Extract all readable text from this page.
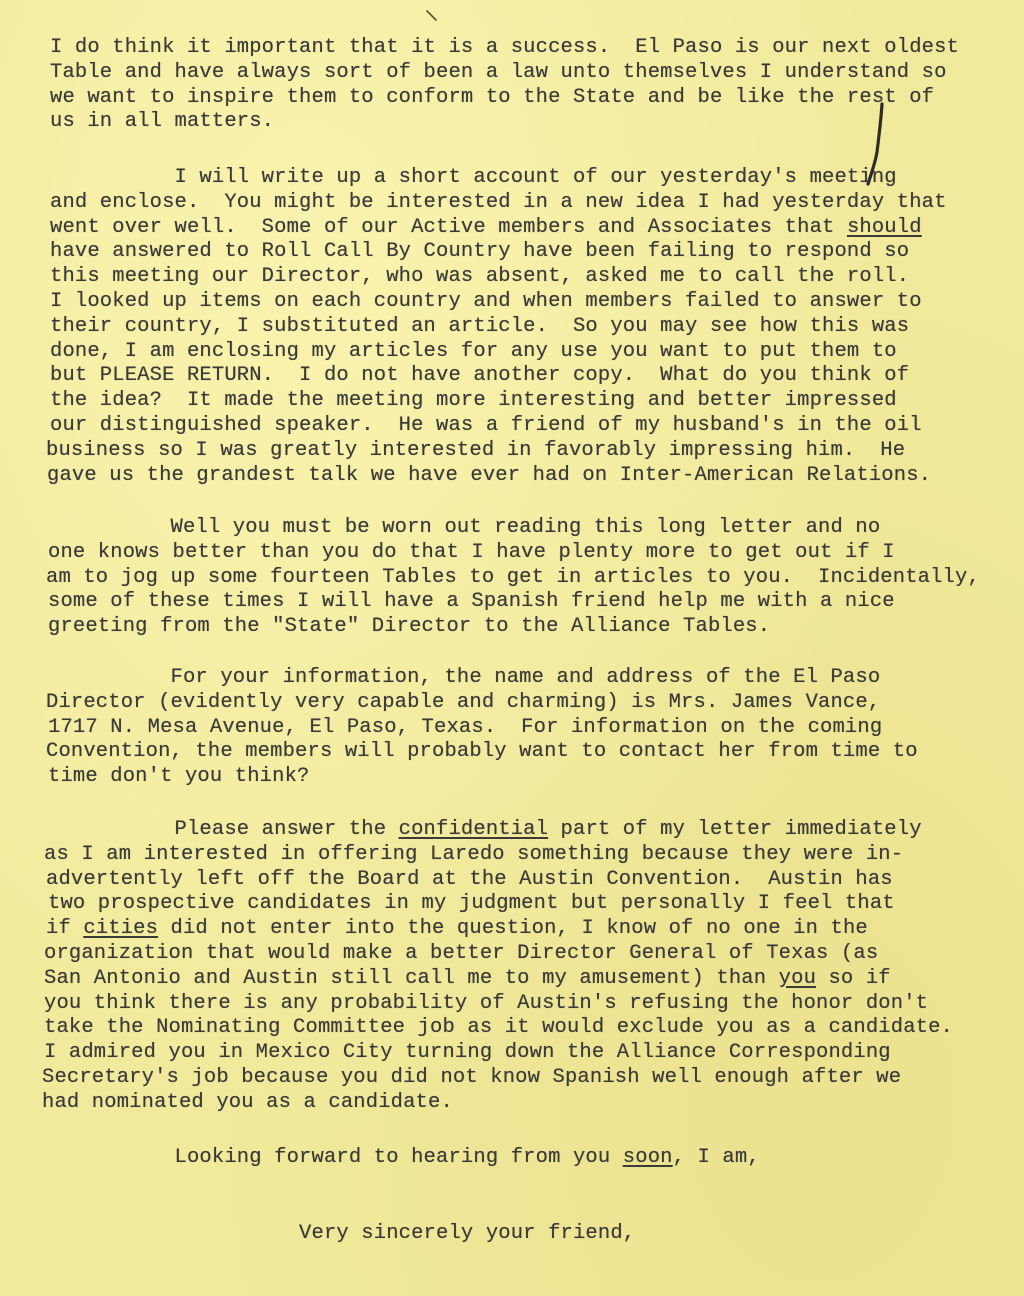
I do think it important that it is a success.  El Paso is our next oldest
Table and have always sort of been a law unto themselves I understand so
we want to inspire them to conform to the State and be like the rest of
us in all matters.
I will write up a short account of our yesterday's meeting
and enclose.  You might be interested in a new idea I had yesterday that
went over well.  Some of our Active members and Associates that should
have answered to Roll Call By Country have been failing to respond so
this meeting our Director, who was absent, asked me to call the roll.
I looked up items on each country and when members failed to answer to
their country, I substituted an article.  So you may see how this was
done, I am enclosing my articles for any use you want to put them to
but PLEASE RETURN.  I do not have another copy.  What do you think of
the idea?  It made the meeting more interesting and better impressed
our distinguished speaker.  He was a friend of my husband's in the oil
business so I was greatly interested in favorably impressing him.  He
gave us the grandest talk we have ever had on Inter-American Relations.
Well you must be worn out reading this long letter and no
one knows better than you do that I have plenty more to get out if I
am to jog up some fourteen Tables to get in articles to you.  Incidentally,
some of these times I will have a Spanish friend help me with a nice
greeting from the "State" Director to the Alliance Tables.
For your information, the name and address of the El Paso
Director (evidently very capable and charming) is Mrs. James Vance,
1717 N. Mesa Avenue, El Paso, Texas.  For information on the coming
Convention, the members will probably want to contact her from time to
time don't you think?
Please answer the confidential part of my letter immediately
as I am interested in offering Laredo something because they were in-
advertently left off the Board at the Austin Convention.  Austin has
two prospective candidates in my judgment but personally I feel that
if cities did not enter into the question, I know of no one in the
organization that would make a better Director General of Texas (as
San Antonio and Austin still call me to my amusement) than you so if
you think there is any probability of Austin's refusing the honor don't
take the Nominating Committee job as it would exclude you as a candidate.
I admired you in Mexico City turning down the Alliance Corresponding
Secretary's job because you did not know Spanish well enough after we
had nominated you as a candidate.
Looking forward to hearing from you soon, I am,
Very sincerely your friend,
